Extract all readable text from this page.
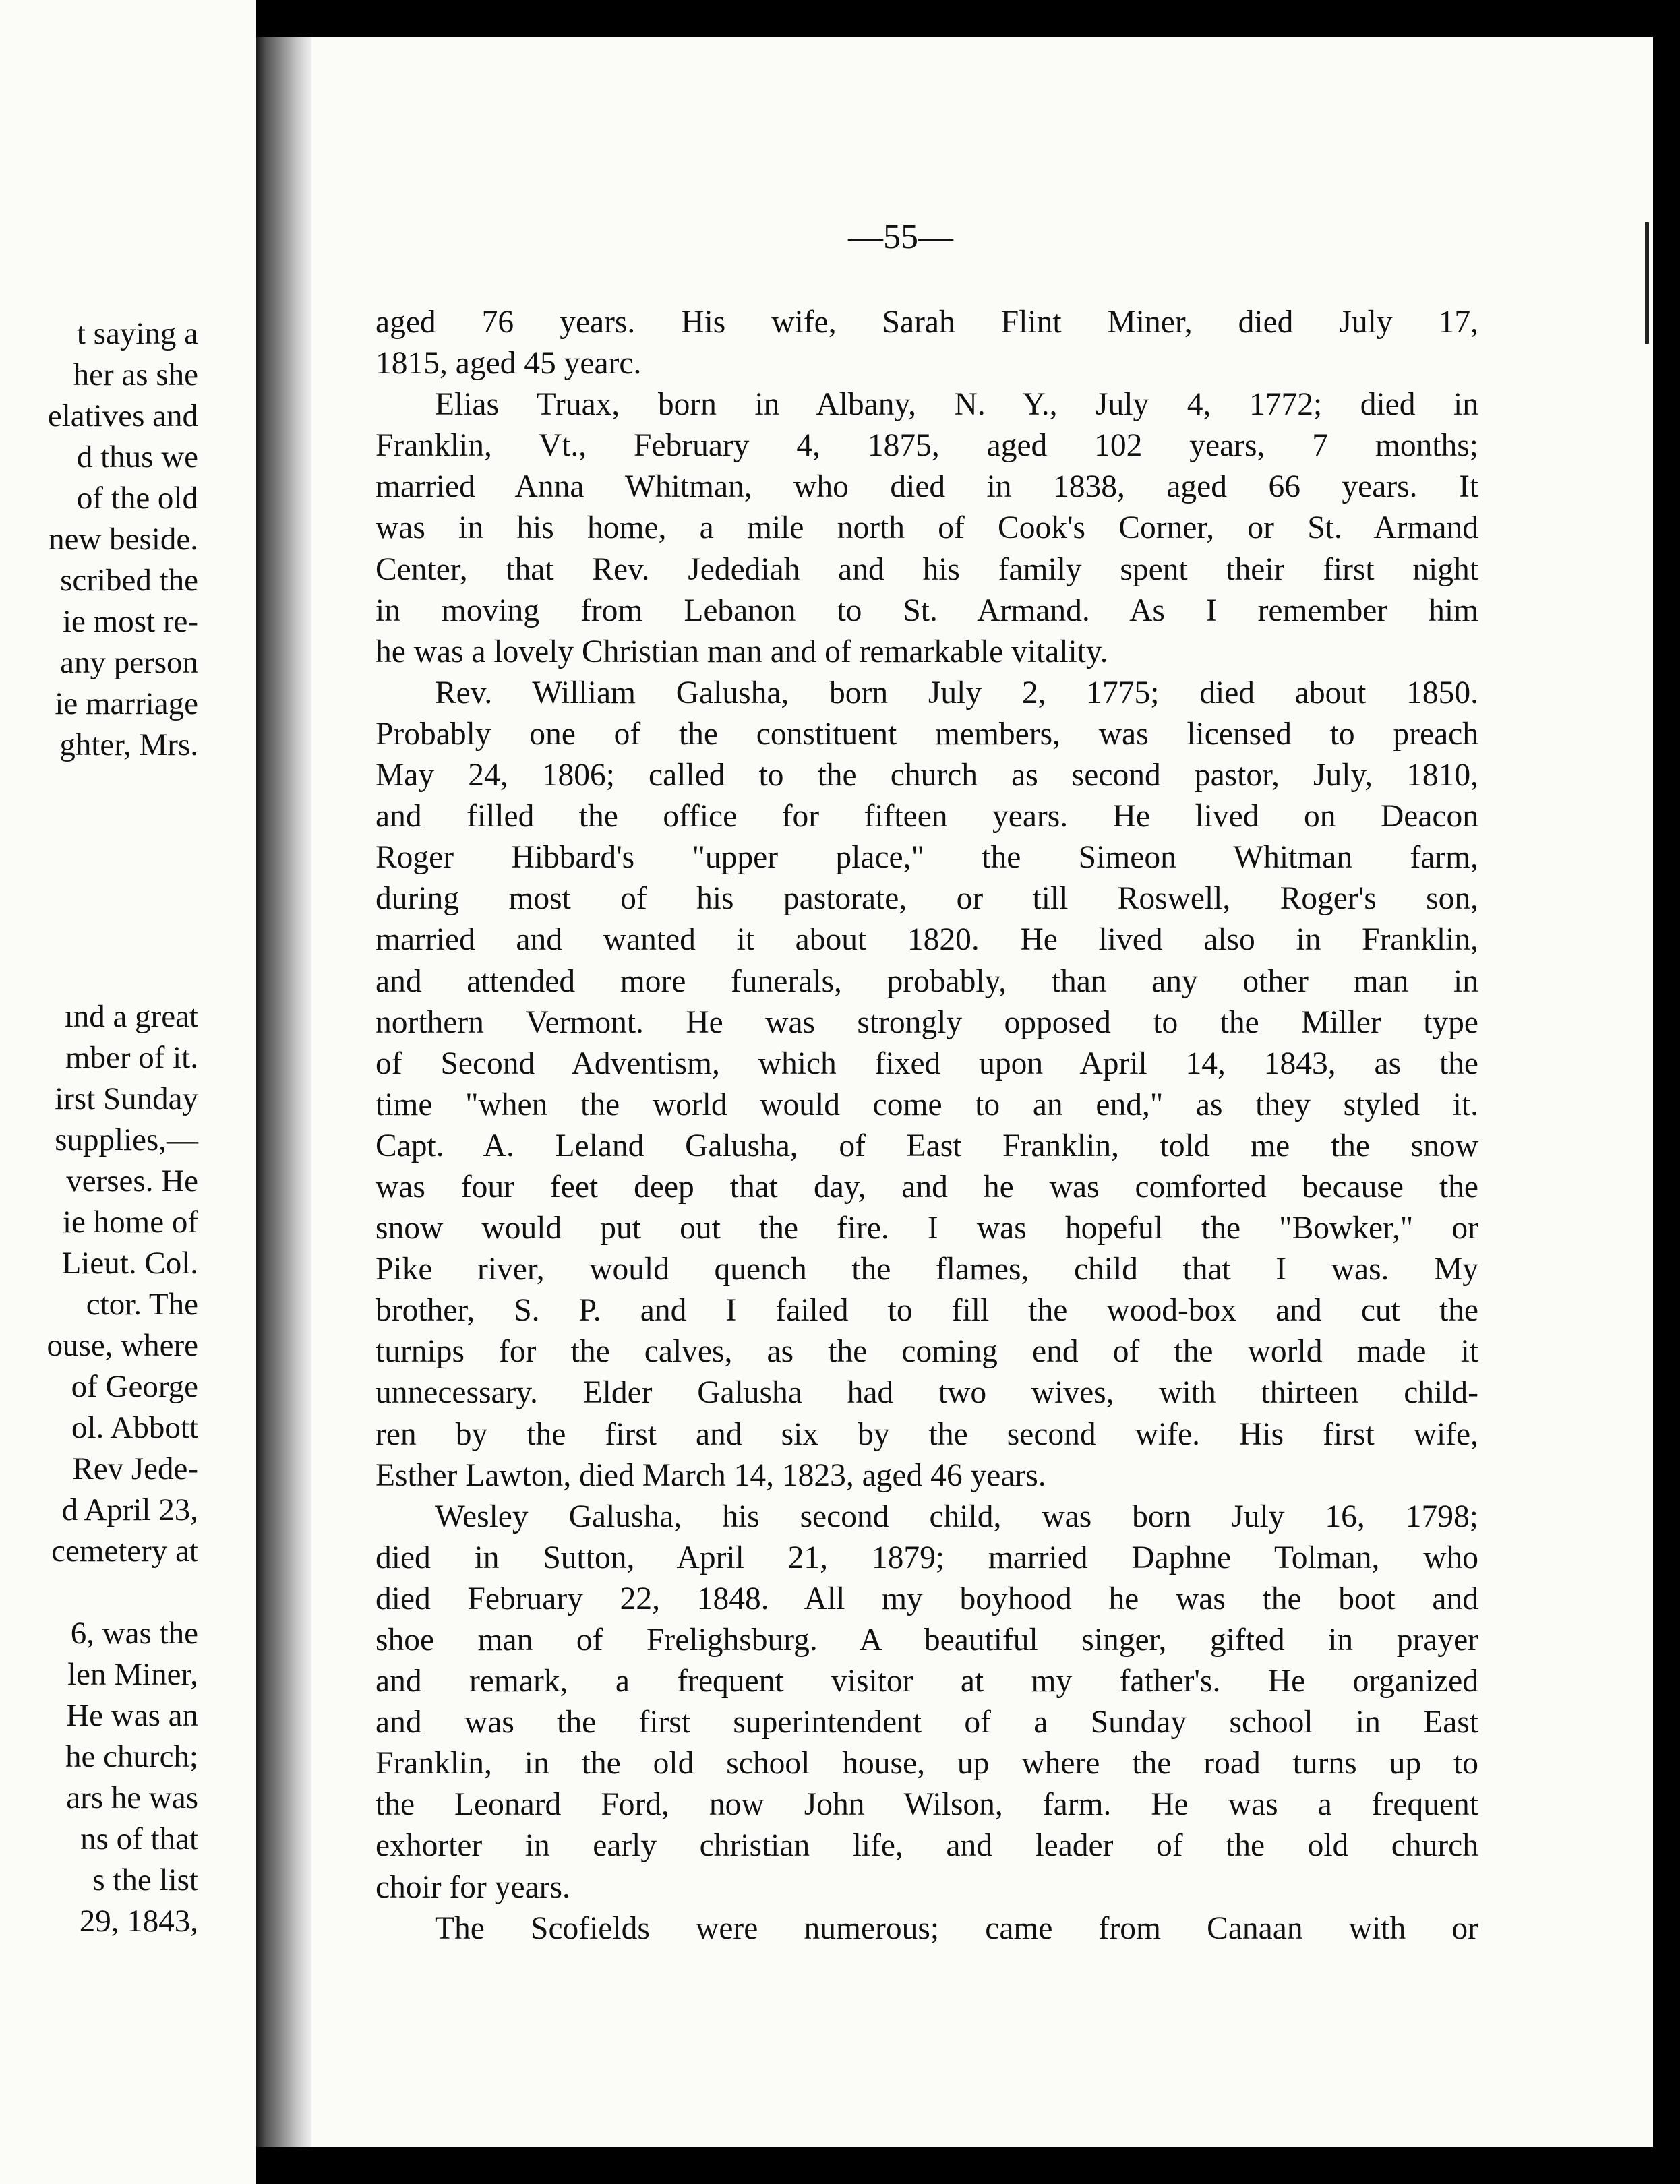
t saying a
her as she
elatives and
d thus we
of the old
new beside.
scribed the
ie most re-
any person
ie marriage
ghter, Mrs.
ınd a great
mber of it.
irst Sunday
supplies,—
verses. He
ie home of
Lieut. Col.
ctor. The
ouse, where
of George
ol. Abbott
Rev Jede-
d April 23,
cemetery at
6, was the
len Miner,
He was an
he church;
ars he was
ns of that
s the list
29, 1843,
—55—
aged 76 years. His wife, Sarah Flint Miner, died July 17,
1815, aged 45 yearc.
Elias Truax, born in Albany, N. Y., July 4, 1772; died in
Franklin, Vt., February 4, 1875, aged 102 years, 7 months;
married Anna Whitman, who died in 1838, aged 66 years. It
was in his home, a mile north of Cook's Corner, or St. Armand
Center, that Rev. Jedediah and his family spent their first night
in moving from Lebanon to St. Armand. As I remember him
he was a lovely Christian man and of remarkable vitality.
Rev. William Galusha, born July 2, 1775; died about 1850.
Probably one of the constituent members, was licensed to preach
May 24, 1806; called to the church as second pastor, July, 1810,
and filled the office for fifteen years. He lived on Deacon
Roger Hibbard's "upper place," the Simeon Whitman farm,
during most of his pastorate, or till Roswell, Roger's son,
married and wanted it about 1820. He lived also in Franklin,
and attended more funerals, probably, than any other man in
northern Vermont. He was strongly opposed to the Miller type
of Second Adventism, which fixed upon April 14, 1843, as the
time "when the world would come to an end," as they styled it.
Capt. A. Leland Galusha, of East Franklin, told me the snow
was four feet deep that day, and he was comforted because the
snow would put out the fire. I was hopeful the "Bowker," or
Pike river, would quench the flames, child that I was. My
brother, S. P. and I failed to fill the wood-box and cut the
turnips for the calves, as the coming end of the world made it
unnecessary. Elder Galusha had two wives, with thirteen child-
ren by the first and six by the second wife. His first wife,
Esther Lawton, died March 14, 1823, aged 46 years.
Wesley Galusha, his second child, was born July 16, 1798;
died in Sutton, April 21, 1879; married Daphne Tolman, who
died February 22, 1848. All my boyhood he was the boot and
shoe man of Frelighsburg. A beautiful singer, gifted in prayer
and remark, a frequent visitor at my father's. He organized
and was the first superintendent of a Sunday school in East
Franklin, in the old school house, up where the road turns up to
the Leonard Ford, now John Wilson, farm. He was a frequent
exhorter in early christian life, and leader of the old church
choir for years.
The Scofields were numerous; came from Canaan with or
